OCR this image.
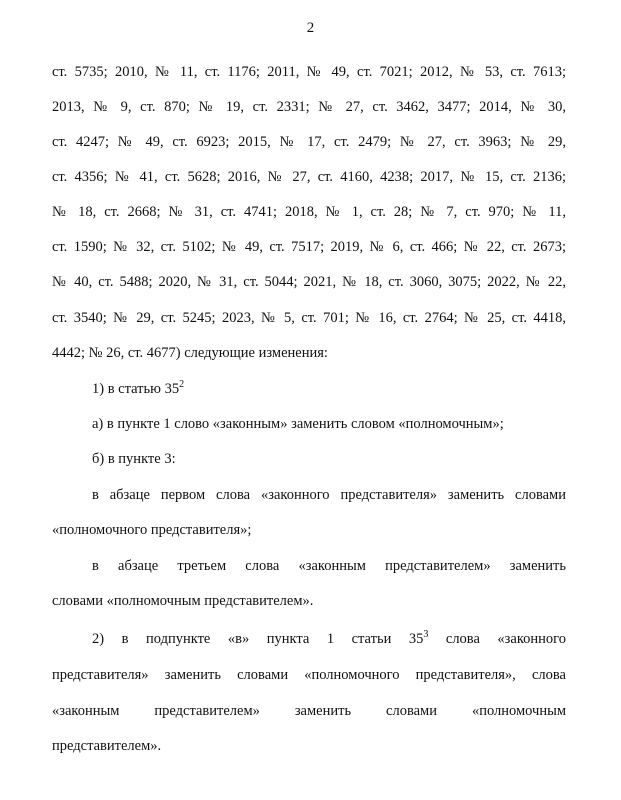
2
ст. 5735; 2010, № 11, ст. 1176; 2011, № 49, ст. 7021; 2012, № 53, ст. 7613;
2013, № 9, ст. 870; № 19, ст. 2331; № 27, ст. 3462, 3477; 2014, № 30,
ст. 4247; № 49, ст. 6923; 2015, № 17, ст. 2479; № 27, ст. 3963; № 29,
ст. 4356; № 41, ст. 5628; 2016, № 27, ст. 4160, 4238; 2017, № 15, ст. 2136;
№ 18, ст. 2668; № 31, ст. 4741; 2018, № 1, ст. 28; № 7, ст. 970; № 11,
ст. 1590; № 32, ст. 5102; № 49, ст. 7517; 2019, № 6, ст. 466; № 22, ст. 2673;
№ 40, ст. 5488; 2020, № 31, ст. 5044; 2021, № 18, ст. 3060, 3075; 2022, № 22,
ст. 3540; № 29, ст. 5245; 2023, № 5, ст. 701; № 16, ст. 2764; № 25, ст. 4418,
4442; № 26, ст. 4677) следующие изменения:
1) в статью $35^2$
а) в пункте 1 слово «законным» заменить словом «полномочным»;
б) в пункте 3:
в абзаце первом слова «законного представителя» заменить словами
«полномочного представителя»;
в абзаце третьем слова «законным представителем» заменить
словами «полномочным представителем».
2) в подпункте «в» пункта 1 статьи $35^3$ слова «законного
представителя» заменить словами «полномочного представителя», слова
«законным представителем» заменить словами «полномочным
представителем».
